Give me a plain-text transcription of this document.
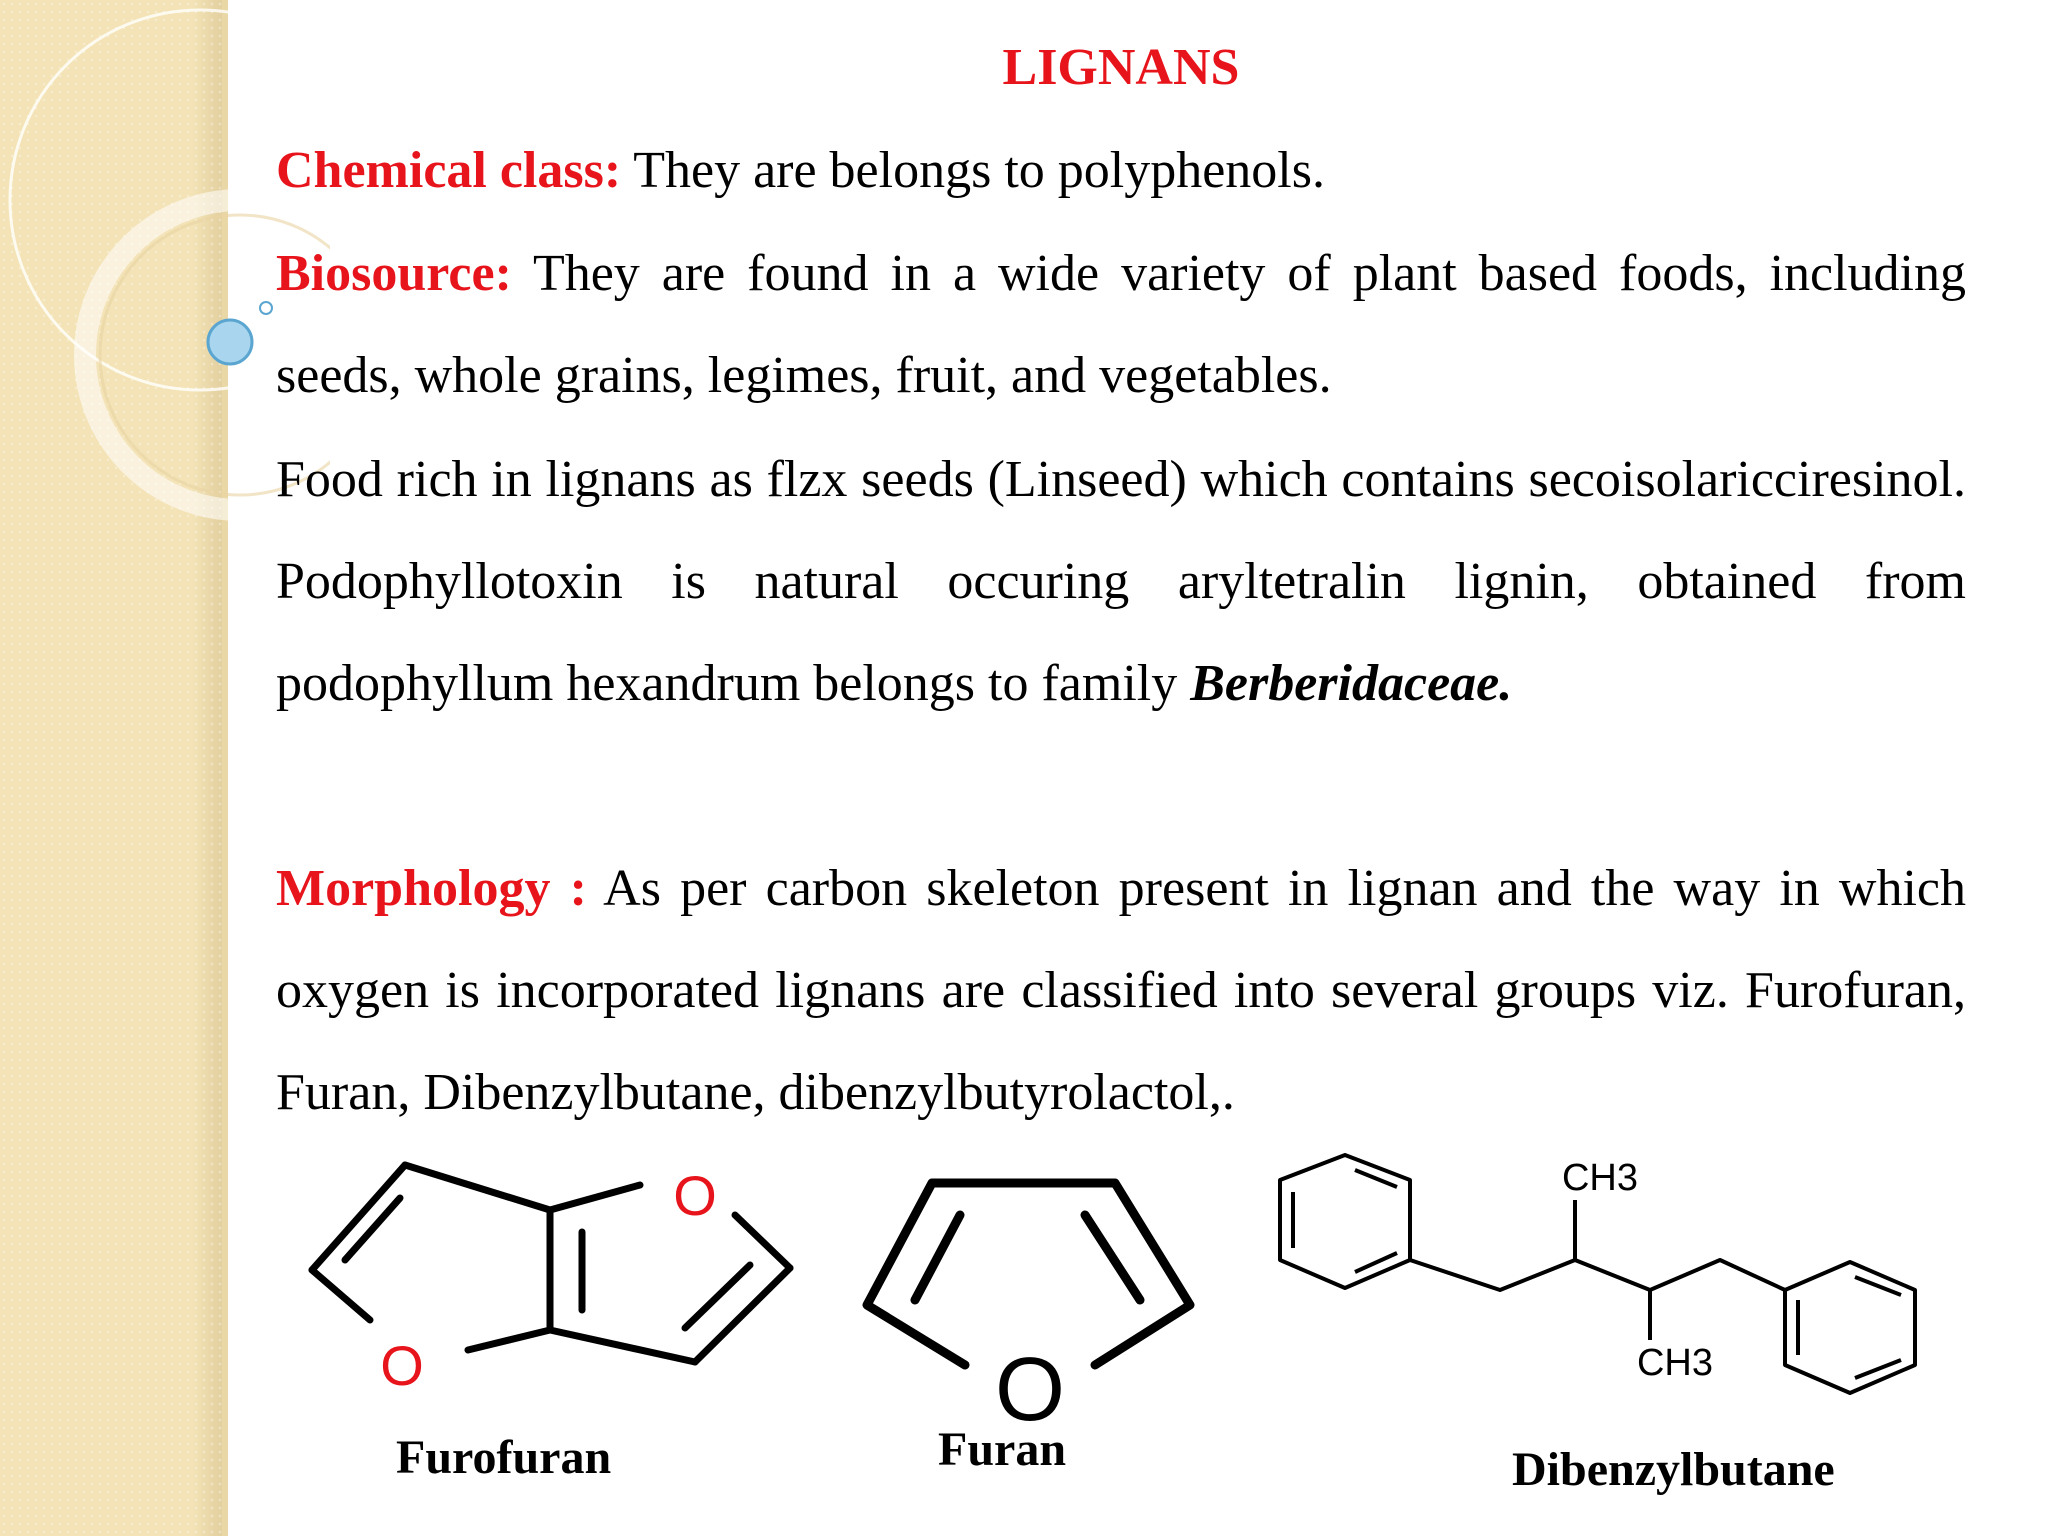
LIGNANS
Chemical class: They are belongs to polyphenols.
Biosource: They are found in a wide variety of plant based foods, including seeds, whole grains, legimes, fruit, and vegetables.
Food rich in lignans as flzx seeds (Linseed) which contains secoisolaricciresinol. Podophyllotoxin is natural occuring aryltetralin lignin, obtained from podophyllum hexandrum belongs to family Berberidaceae.
Morphology : As per carbon skeleton present in lignan and the way in which oxygen is incorporated lignans are classified into several groups viz. Furofuran, Furan, Dibenzylbutane, dibenzylbutyrolactol,.
O
O	O
CH3
CH3
Furofuran	Furan	Dibenzylbutane
